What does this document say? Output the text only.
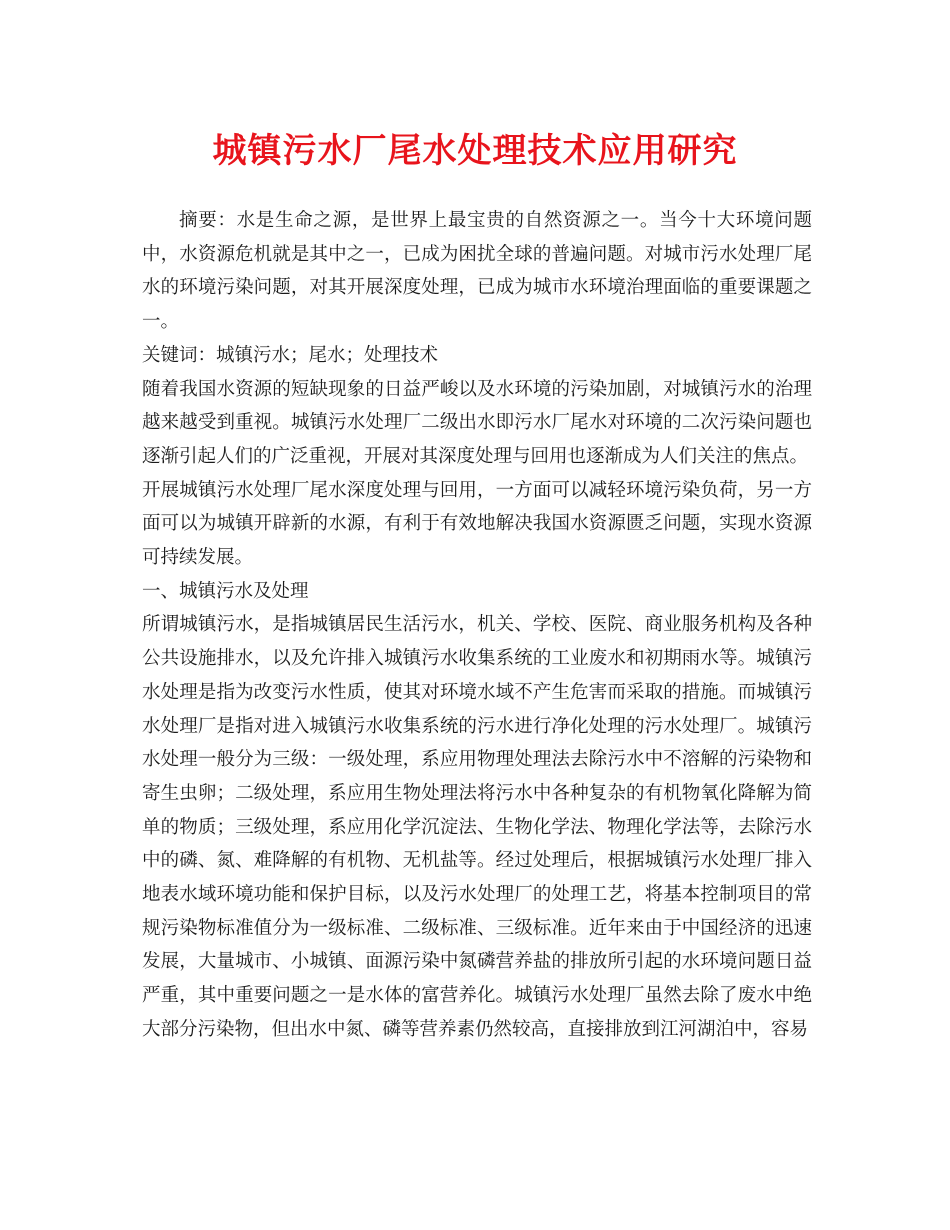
城镇污水厂尾水处理技术应用研究

摘要：水是生命之源，是世界上最宝贵的自然资源之一。当今十大环境问题中，水资源危机就是其中之一，已成为困扰全球的普遍问题。对城市污水处理厂尾水的环境污染问题，对其开展深度处理，已成为城市水环境治理面临的重要课题之一。

关键词：城镇污水；尾水；处理技术

随着我国水资源的短缺现象的日益严峻以及水环境的污染加剧，对城镇污水的治理越来越受到重视。城镇污水处理厂二级出水即污水厂尾水对环境的二次污染问题也逐渐引起人们的广泛重视，开展对其深度处理与回用也逐渐成为人们关注的焦点。

开展城镇污水处理厂尾水深度处理与回用，一方面可以减轻环境污染负荷，另一方面可以为城镇开辟新的水源，有利于有效地解决我国水资源匮乏问题，实现水资源可持续发展。

一、城镇污水及处理

所谓城镇污水，是指城镇居民生活污水，机关、学校、医院、商业服务机构及各种公共设施排水，以及允许排入城镇污水收集系统的工业废水和初期雨水等。城镇污水处理是指为改变污水性质，使其对环境水域不产生危害而采取的措施。而城镇污水处理厂是指对进入城镇污水收集系统的污水进行净化处理的污水处理厂。城镇污水处理一般分为三级：一级处理，系应用物理处理法去除污水中不溶解的污染物和寄生虫卵；二级处理，系应用生物处理法将污水中各种复杂的有机物氧化降解为简单的物质；三级处理，系应用化学沉淀法、生物化学法、物理化学法等，去除污水中的磷、氮、难降解的有机物、无机盐等。经过处理后，根据城镇污水处理厂排入地表水域环境功能和保护目标，以及污水处理厂的处理工艺，将基本控制项目的常规污染物标准值分为一级标准、二级标准、三级标准。近年来由于中国经济的迅速发展，大量城市、小城镇、面源污染中氮磷营养盐的排放所引起的水环境问题日益严重，其中重要问题之一是水体的富营养化。城镇污水处理厂虽然去除了废水中绝大部分污染物，但出水中氮、磷等营养素仍然较高，直接排放到江河湖泊中，容易
